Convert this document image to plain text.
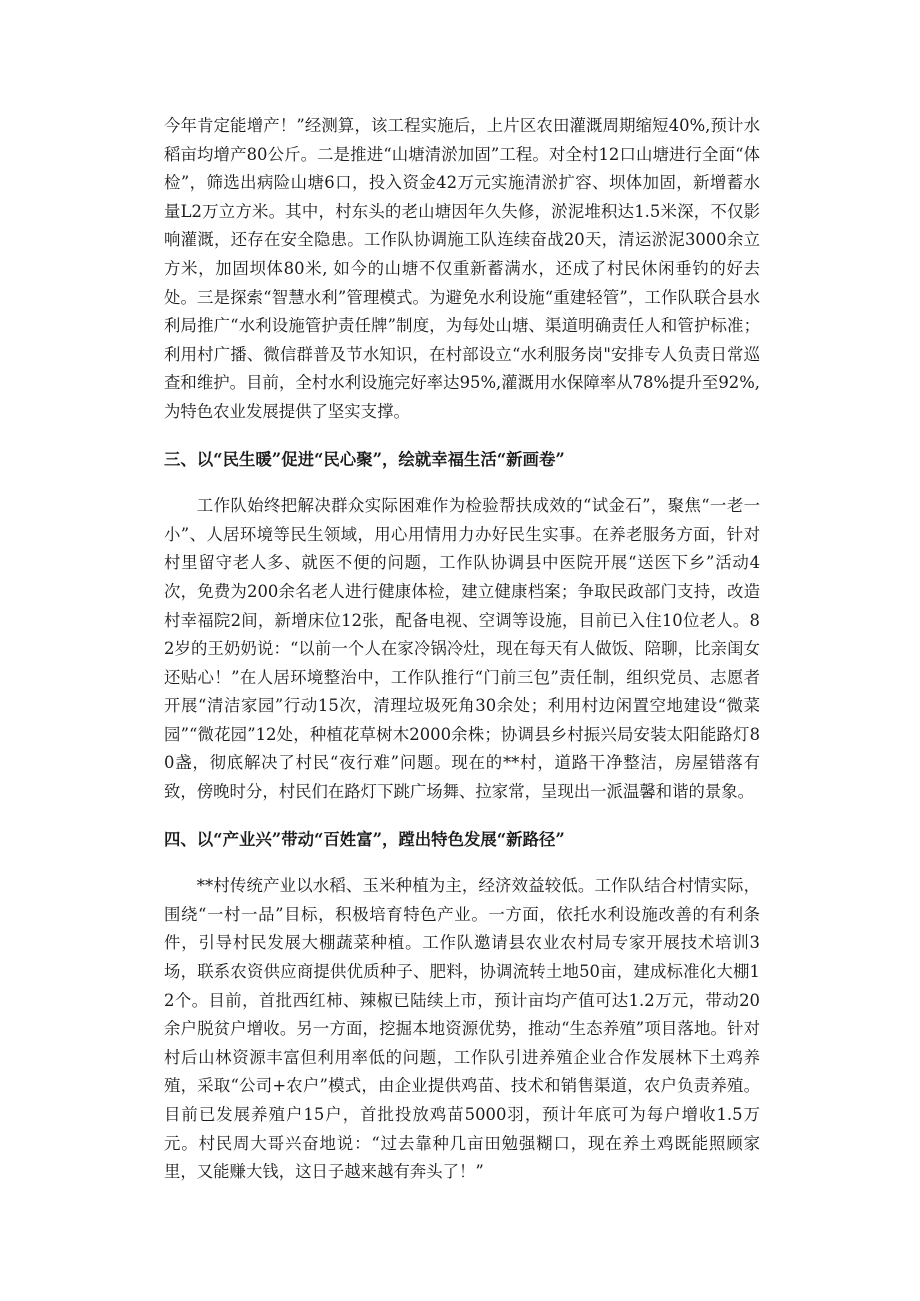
今年肯定能增产！”经测算，该工程实施后，上片区农田灌溉周期缩短40%,预计水稻亩均增产80公斤。二是推进“山塘清淤加固”工程。对全村12口山塘进行全面“体检”，筛选出病险山塘6口，投入资金42万元实施清淤扩容、坝体加固，新增蓄水量L2万立方米。其中，村东头的老山塘因年久失修，淤泥堆积达1.5米深，不仅影响灌溉，还存在安全隐患。工作队协调施工队连续奋战20天，清运淤泥3000余立方米，加固坝体80米, 如今的山塘不仅重新蓄满水，还成了村民休闲垂钓的好去处。三是探索“智慧水利”管理模式。为避免水利设施“重建轻管”，工作队联合县水利局推广“水利设施管护责任牌”制度，为每处山塘、渠道明确责任人和管护标准；利用村广播、微信群普及节水知识，在村部设立“水利服务岗"安排专人负责日常巡查和维护。目前，全村水利设施完好率达95%,灌溉用水保障率从78%提升至92%,为特色农业发展提供了坚实支撑。

三、以“民生暖”促进“民心聚”，绘就幸福生活“新画卷”

工作队始终把解决群众实际困难作为检验帮扶成效的“试金石”，聚焦“一老一小”、人居环境等民生领域，用心用情用力办好民生实事。在养老服务方面，针对村里留守老人多、就医不便的问题，工作队协调县中医院开展“送医下乡”活动4次，免费为200余名老人进行健康体检，建立健康档案；争取民政部门支持，改造村幸福院2间，新增床位12张，配备电视、空调等设施，目前已入住10位老人。82岁的王奶奶说：“以前一个人在家冷锅冷灶，现在每天有人做饭、陪聊，比亲闺女还贴心！”在人居环境整治中，工作队推行“门前三包”责任制，组织党员、志愿者开展“清洁家园”行动15次，清理垃圾死角30余处；利用村边闲置空地建设“微菜园”“微花园”12处，种植花草树木2000余株；协调县乡村振兴局安装太阳能路灯80盏，彻底解决了村民“夜行难”问题。现在的**村，道路干净整洁，房屋错落有致，傍晚时分，村民们在路灯下跳广场舞、拉家常，呈现出一派温馨和谐的景象。

四、以“产业兴”带动“百姓富”，蹚出特色发展“新路径”

**村传统产业以水稻、玉米种植为主，经济效益较低。工作队结合村情实际，围绕“一村一品”目标，积极培育特色产业。一方面，依托水利设施改善的有利条件，引导村民发展大棚蔬菜种植。工作队邀请县农业农村局专家开展技术培训3场，联系农资供应商提供优质种子、肥料，协调流转土地50亩，建成标准化大棚12个。目前，首批西红柿、辣椒已陆续上市，预计亩均产值可达1.2万元，带动20余户脱贫户增收。另一方面，挖掘本地资源优势，推动“生态养殖”项目落地。针对村后山林资源丰富但利用率低的问题，工作队引进养殖企业合作发展林下土鸡养殖，采取“公司+农户”模式，由企业提供鸡苗、技术和销售渠道，农户负责养殖。目前已发展养殖户15户，首批投放鸡苗5000羽，预计年底可为每户增收1.5万元。村民周大哥兴奋地说：“过去靠种几亩田勉强糊口，现在养土鸡既能照顾家里，又能赚大钱，这日子越来越有奔头了！”
